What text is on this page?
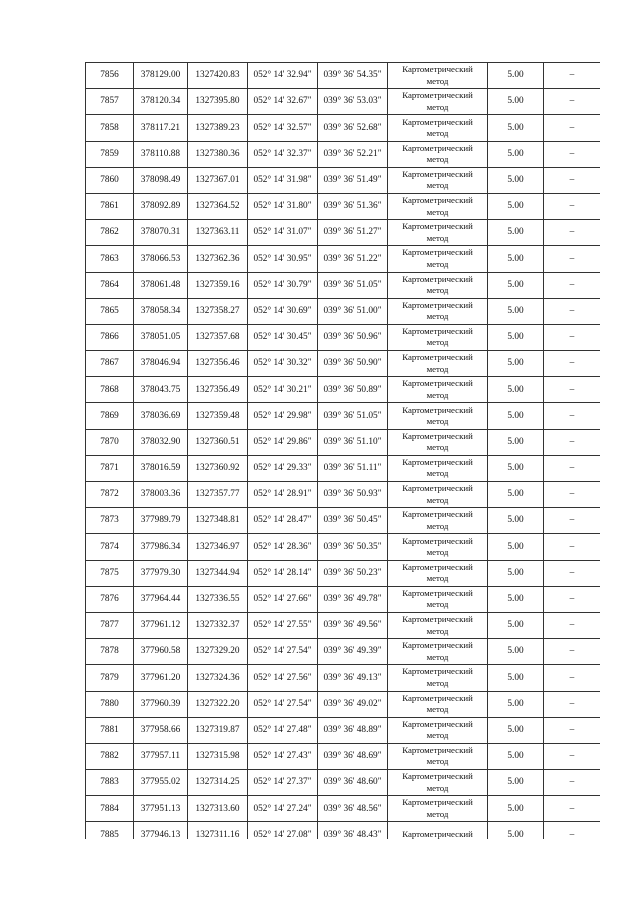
7856	378129.00	1327420.83	052° 14' 32.94"	039° 36' 54.35"	Картометрический метод	5.00	–
7857	378120.34	1327395.80	052° 14' 32.67"	039° 36' 53.03"	Картометрический метод	5.00	–
7858	378117.21	1327389.23	052° 14' 32.57"	039° 36' 52.68"	Картометрический метод	5.00	–
7859	378110.88	1327380.36	052° 14' 32.37"	039° 36' 52.21"	Картометрический метод	5.00	–
7860	378098.49	1327367.01	052° 14' 31.98"	039° 36' 51.49"	Картометрический метод	5.00	–
7861	378092.89	1327364.52	052° 14' 31.80"	039° 36' 51.36"	Картометрический метод	5.00	–
7862	378070.31	1327363.11	052° 14' 31.07"	039° 36' 51.27"	Картометрический метод	5.00	–
7863	378066.53	1327362.36	052° 14' 30.95"	039° 36' 51.22"	Картометрический метод	5.00	–
7864	378061.48	1327359.16	052° 14' 30.79"	039° 36' 51.05"	Картометрический метод	5.00	–
7865	378058.34	1327358.27	052° 14' 30.69"	039° 36' 51.00"	Картометрический метод	5.00	–
7866	378051.05	1327357.68	052° 14' 30.45"	039° 36' 50.96"	Картометрический метод	5.00	–
7867	378046.94	1327356.46	052° 14' 30.32"	039° 36' 50.90"	Картометрический метод	5.00	–
7868	378043.75	1327356.49	052° 14' 30.21"	039° 36' 50.89"	Картометрический метод	5.00	–
7869	378036.69	1327359.48	052° 14' 29.98"	039° 36' 51.05"	Картометрический метод	5.00	–
7870	378032.90	1327360.51	052° 14' 29.86"	039° 36' 51.10"	Картометрический метод	5.00	–
7871	378016.59	1327360.92	052° 14' 29.33"	039° 36' 51.11"	Картометрический метод	5.00	–
7872	378003.36	1327357.77	052° 14' 28.91"	039° 36' 50.93"	Картометрический метод	5.00	–
7873	377989.79	1327348.81	052° 14' 28.47"	039° 36' 50.45"	Картометрический метод	5.00	–
7874	377986.34	1327346.97	052° 14' 28.36"	039° 36' 50.35"	Картометрический метод	5.00	–
7875	377979.30	1327344.94	052° 14' 28.14"	039° 36' 50.23"	Картометрический метод	5.00	–
7876	377964.44	1327336.55	052° 14' 27.66"	039° 36' 49.78"	Картометрический метод	5.00	–
7877	377961.12	1327332.37	052° 14' 27.55"	039° 36' 49.56"	Картометрический метод	5.00	–
7878	377960.58	1327329.20	052° 14' 27.54"	039° 36' 49.39"	Картометрический метод	5.00	–
7879	377961.20	1327324.36	052° 14' 27.56"	039° 36' 49.13"	Картометрический метод	5.00	–
7880	377960.39	1327322.20	052° 14' 27.54"	039° 36' 49.02"	Картометрический метод	5.00	–
7881	377958.66	1327319.87	052° 14' 27.48"	039° 36' 48.89"	Картометрический метод	5.00	–
7882	377957.11	1327315.98	052° 14' 27.43"	039° 36' 48.69"	Картометрический метод	5.00	–
7883	377955.02	1327314.25	052° 14' 27.37"	039° 36' 48.60"	Картометрический метод	5.00	–
7884	377951.13	1327313.60	052° 14' 27.24"	039° 36' 48.56"	Картометрический метод	5.00	–
7885	377946.13	1327311.16	052° 14' 27.08"	039° 36' 48.43"	Картометрический	5.00	–
